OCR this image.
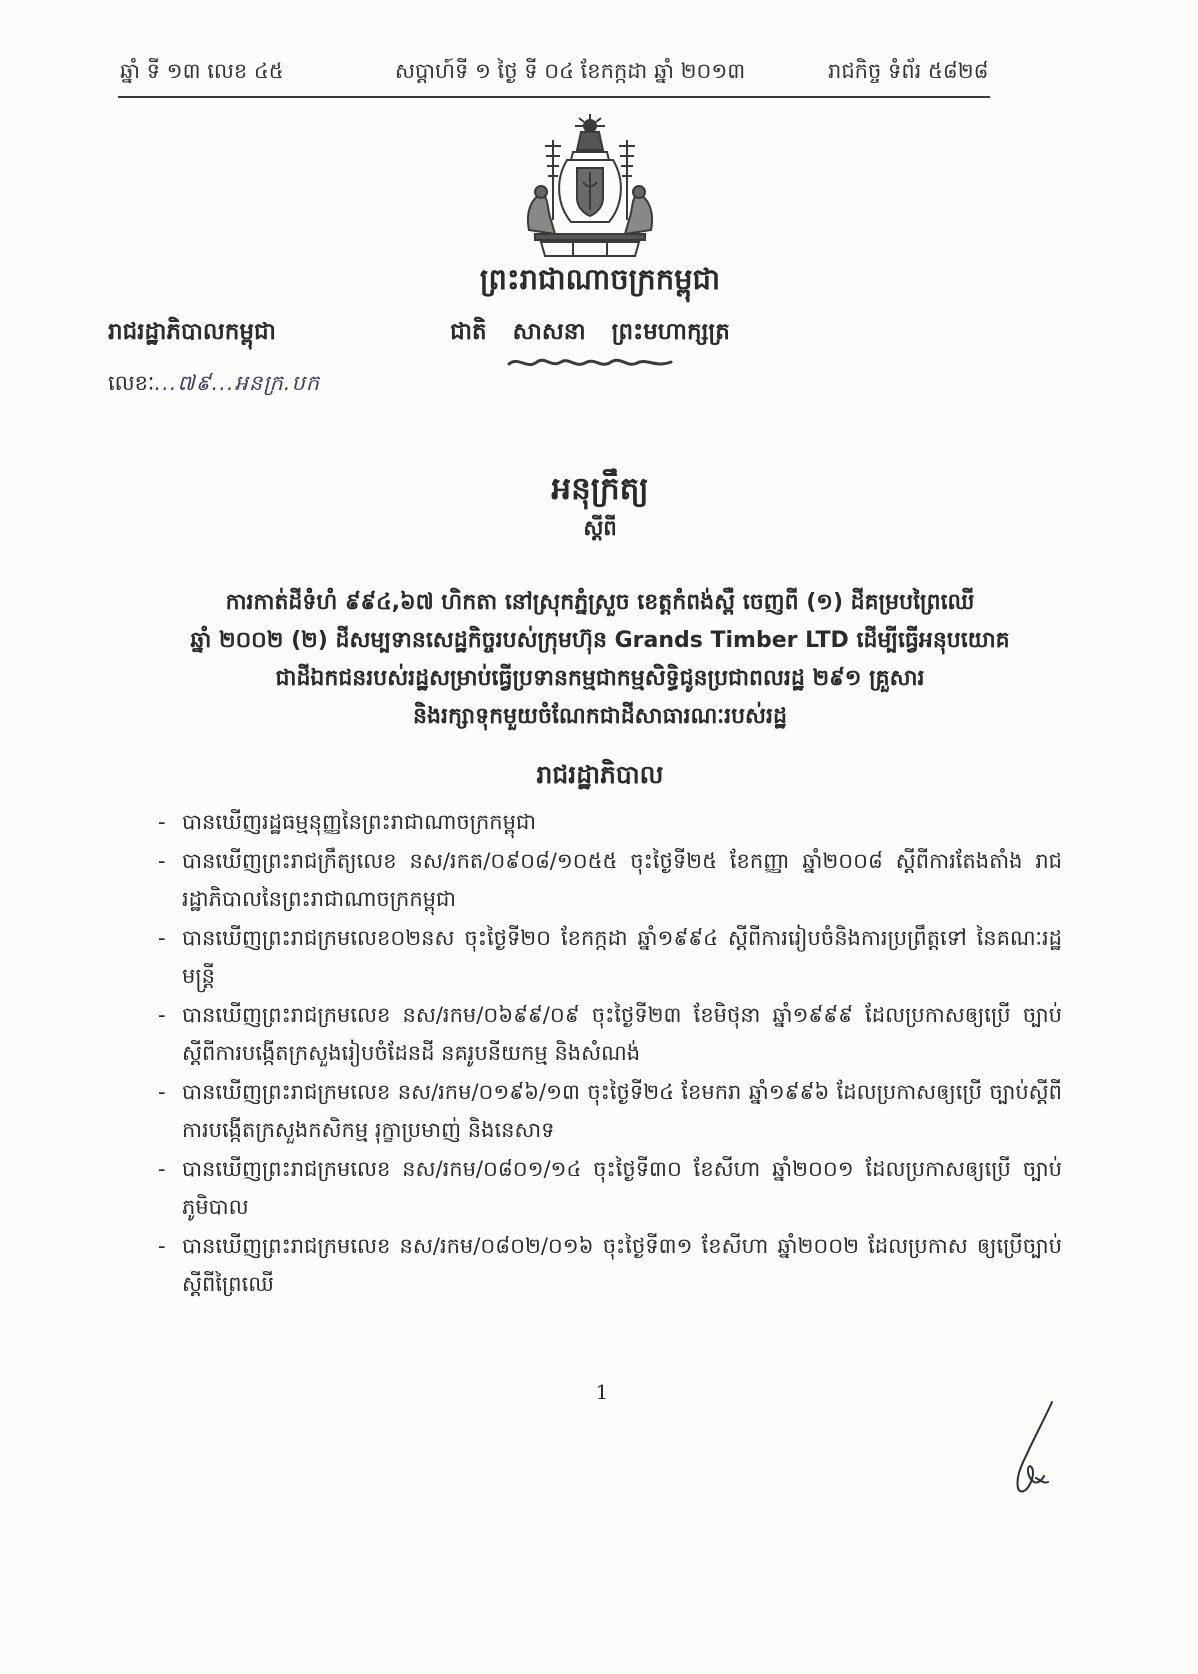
ឆ្នាំ ទី ១៣ លេខ ៤៥	សប្តាហ៍ទី ១ ថ្ងៃ ទី ០៤ ខែកក្កដា ឆ្នាំ ២០១៣	រាជកិច្ច ទំព័រ ៥៨២៨
ព្រះរាជាណាចក្រកម្ពុជា
រាជរដ្ឋាភិបាលកម្ពុជា	ជាតិ សាសនា ព្រះមហាក្សត្រ
លេខៈ...៧៩...អនក្រ.បក
អនុក្រឹត្យ
ស្តីពី
ការកាត់ដីទំហំ ៩៩៤,៦៧ ហិកតា នៅស្រុកភ្នំស្រួច ខេត្តកំពង់ស្ពឺ ចេញពី (១) ដីគម្របព្រៃឈើ
ឆ្នាំ ២០០២ (២) ដីសម្បទានសេដ្ឋកិច្ចរបស់ក្រុមហ៊ុន Grands Timber LTD ដើម្បីធ្វើអនុបយោគ
ជាដីឯកជនរបស់រដ្ឋសម្រាប់ធ្វើប្រទានកម្មជាកម្មសិទ្ធិជូនប្រជាពលរដ្ឋ ២៩១ គ្រួសារ
និងរក្សាទុកមួយចំណែកជាដីសាធារណៈរបស់រដ្ឋ
រាជរដ្ឋាភិបាល
- បានឃើញរដ្ឋធម្មនុញ្ញនៃព្រះរាជាណាចក្រកម្ពុជា
- បានឃើញព្រះរាជក្រឹត្យលេខ នស/រកត/០៩០៨/១០៥៥ ចុះថ្ងៃទី២៥ ខែកញ្ញា ឆ្នាំ២០០៨ ស្តីពីការតែងតាំង រាជរដ្ឋាភិបាលនៃព្រះរាជាណាចក្រកម្ពុជា
- បានឃើញព្រះរាជក្រមលេខ០២នស ចុះថ្ងៃទី២០ ខែកក្កដា ឆ្នាំ១៩៩៤ ស្តីពីការរៀបចំនិងការប្រព្រឹត្តទៅ នៃគណៈរដ្ឋមន្ត្រី
- បានឃើញព្រះរាជក្រមលេខ នស/រកម/០៦៩៩/០៩ ចុះថ្ងៃទី២៣ ខែមិថុនា ឆ្នាំ១៩៩៩ ដែលប្រកាសឲ្យប្រើ ច្បាប់ស្តីពីការបង្កើតក្រសួងរៀបចំដែនដី នគរូបនីយកម្ម និងសំណង់
- បានឃើញព្រះរាជក្រមលេខ នស/រកម/០១៩៦/១៣ ចុះថ្ងៃទី២៤ ខែមករា ឆ្នាំ១៩៩៦ ដែលប្រកាសឲ្យប្រើ ច្បាប់ស្តីពីការបង្កើតក្រសួងកសិកម្ម រុក្ខាប្រមាញ់ និងនេសាទ
- បានឃើញព្រះរាជក្រមលេខ នស/រកម/០៨០១/១៤ ចុះថ្ងៃទី៣០ ខែសីហា ឆ្នាំ២០០១ ដែលប្រកាសឲ្យប្រើ ច្បាប់ភូមិបាល
- បានឃើញព្រះរាជក្រមលេខ នស/រកម/០៨០២/០១៦ ចុះថ្ងៃទី៣១ ខែសីហា ឆ្នាំ២០០២ ដែលប្រកាស ឲ្យប្រើច្បាប់ស្តីពីព្រៃឈើ
1
